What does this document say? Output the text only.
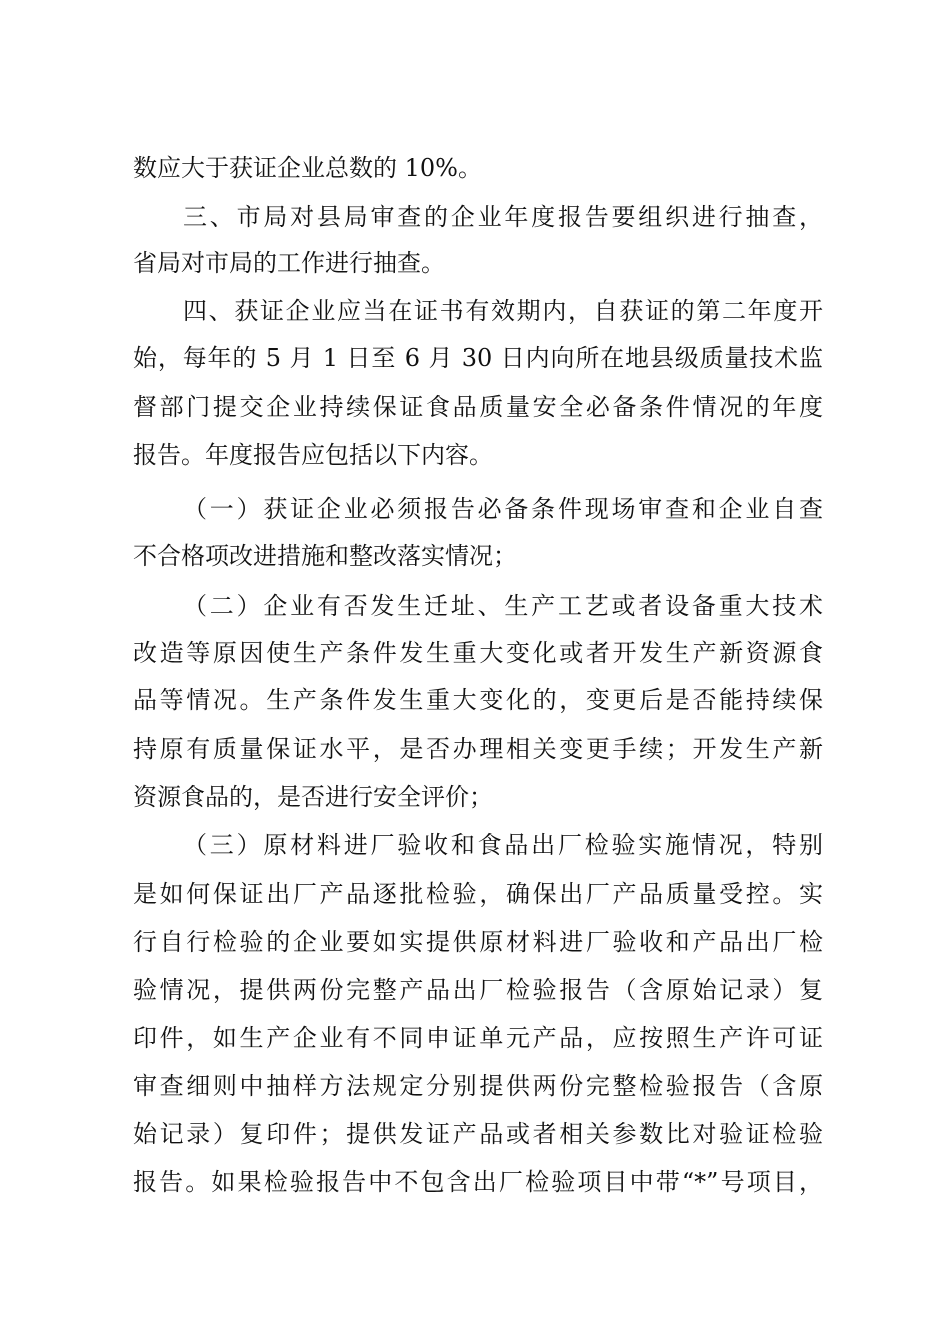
数应大于获证企业总数的 10%。
三、市局对县局审查的企业年度报告要组织进行抽查，
省局对市局的工作进行抽查。
四、获证企业应当在证书有效期内，自获证的第二年度开
始，每年的 5 月 1 日至 6 月 30 日内向所在地县级质量技术监
督部门提交企业持续保证食品质量安全必备条件情况的年度
报告。年度报告应包括以下内容。
（一）获证企业必须报告必备条件现场审查和企业自查
不合格项改进措施和整改落实情况；
（二）企业有否发生迁址、生产工艺或者设备重大技术
改造等原因使生产条件发生重大变化或者开发生产新资源食
品等情况。生产条件发生重大变化的，变更后是否能持续保
持原有质量保证水平，是否办理相关变更手续；开发生产新
资源食品的，是否进行安全评价；
（三）原材料进厂验收和食品出厂检验实施情况，特别
是如何保证出厂产品逐批检验，确保出厂产品质量受控。实
行自行检验的企业要如实提供原材料进厂验收和产品出厂检
验情况，提供两份完整产品出厂检验报告（含原始记录）复
印件，如生产企业有不同申证单元产品，应按照生产许可证
审查细则中抽样方法规定分别提供两份完整检验报告（含原
始记录）复印件；提供发证产品或者相关参数比对验证检验
报告。如果检验报告中不包含出厂检验项目中带“*”号项目，
